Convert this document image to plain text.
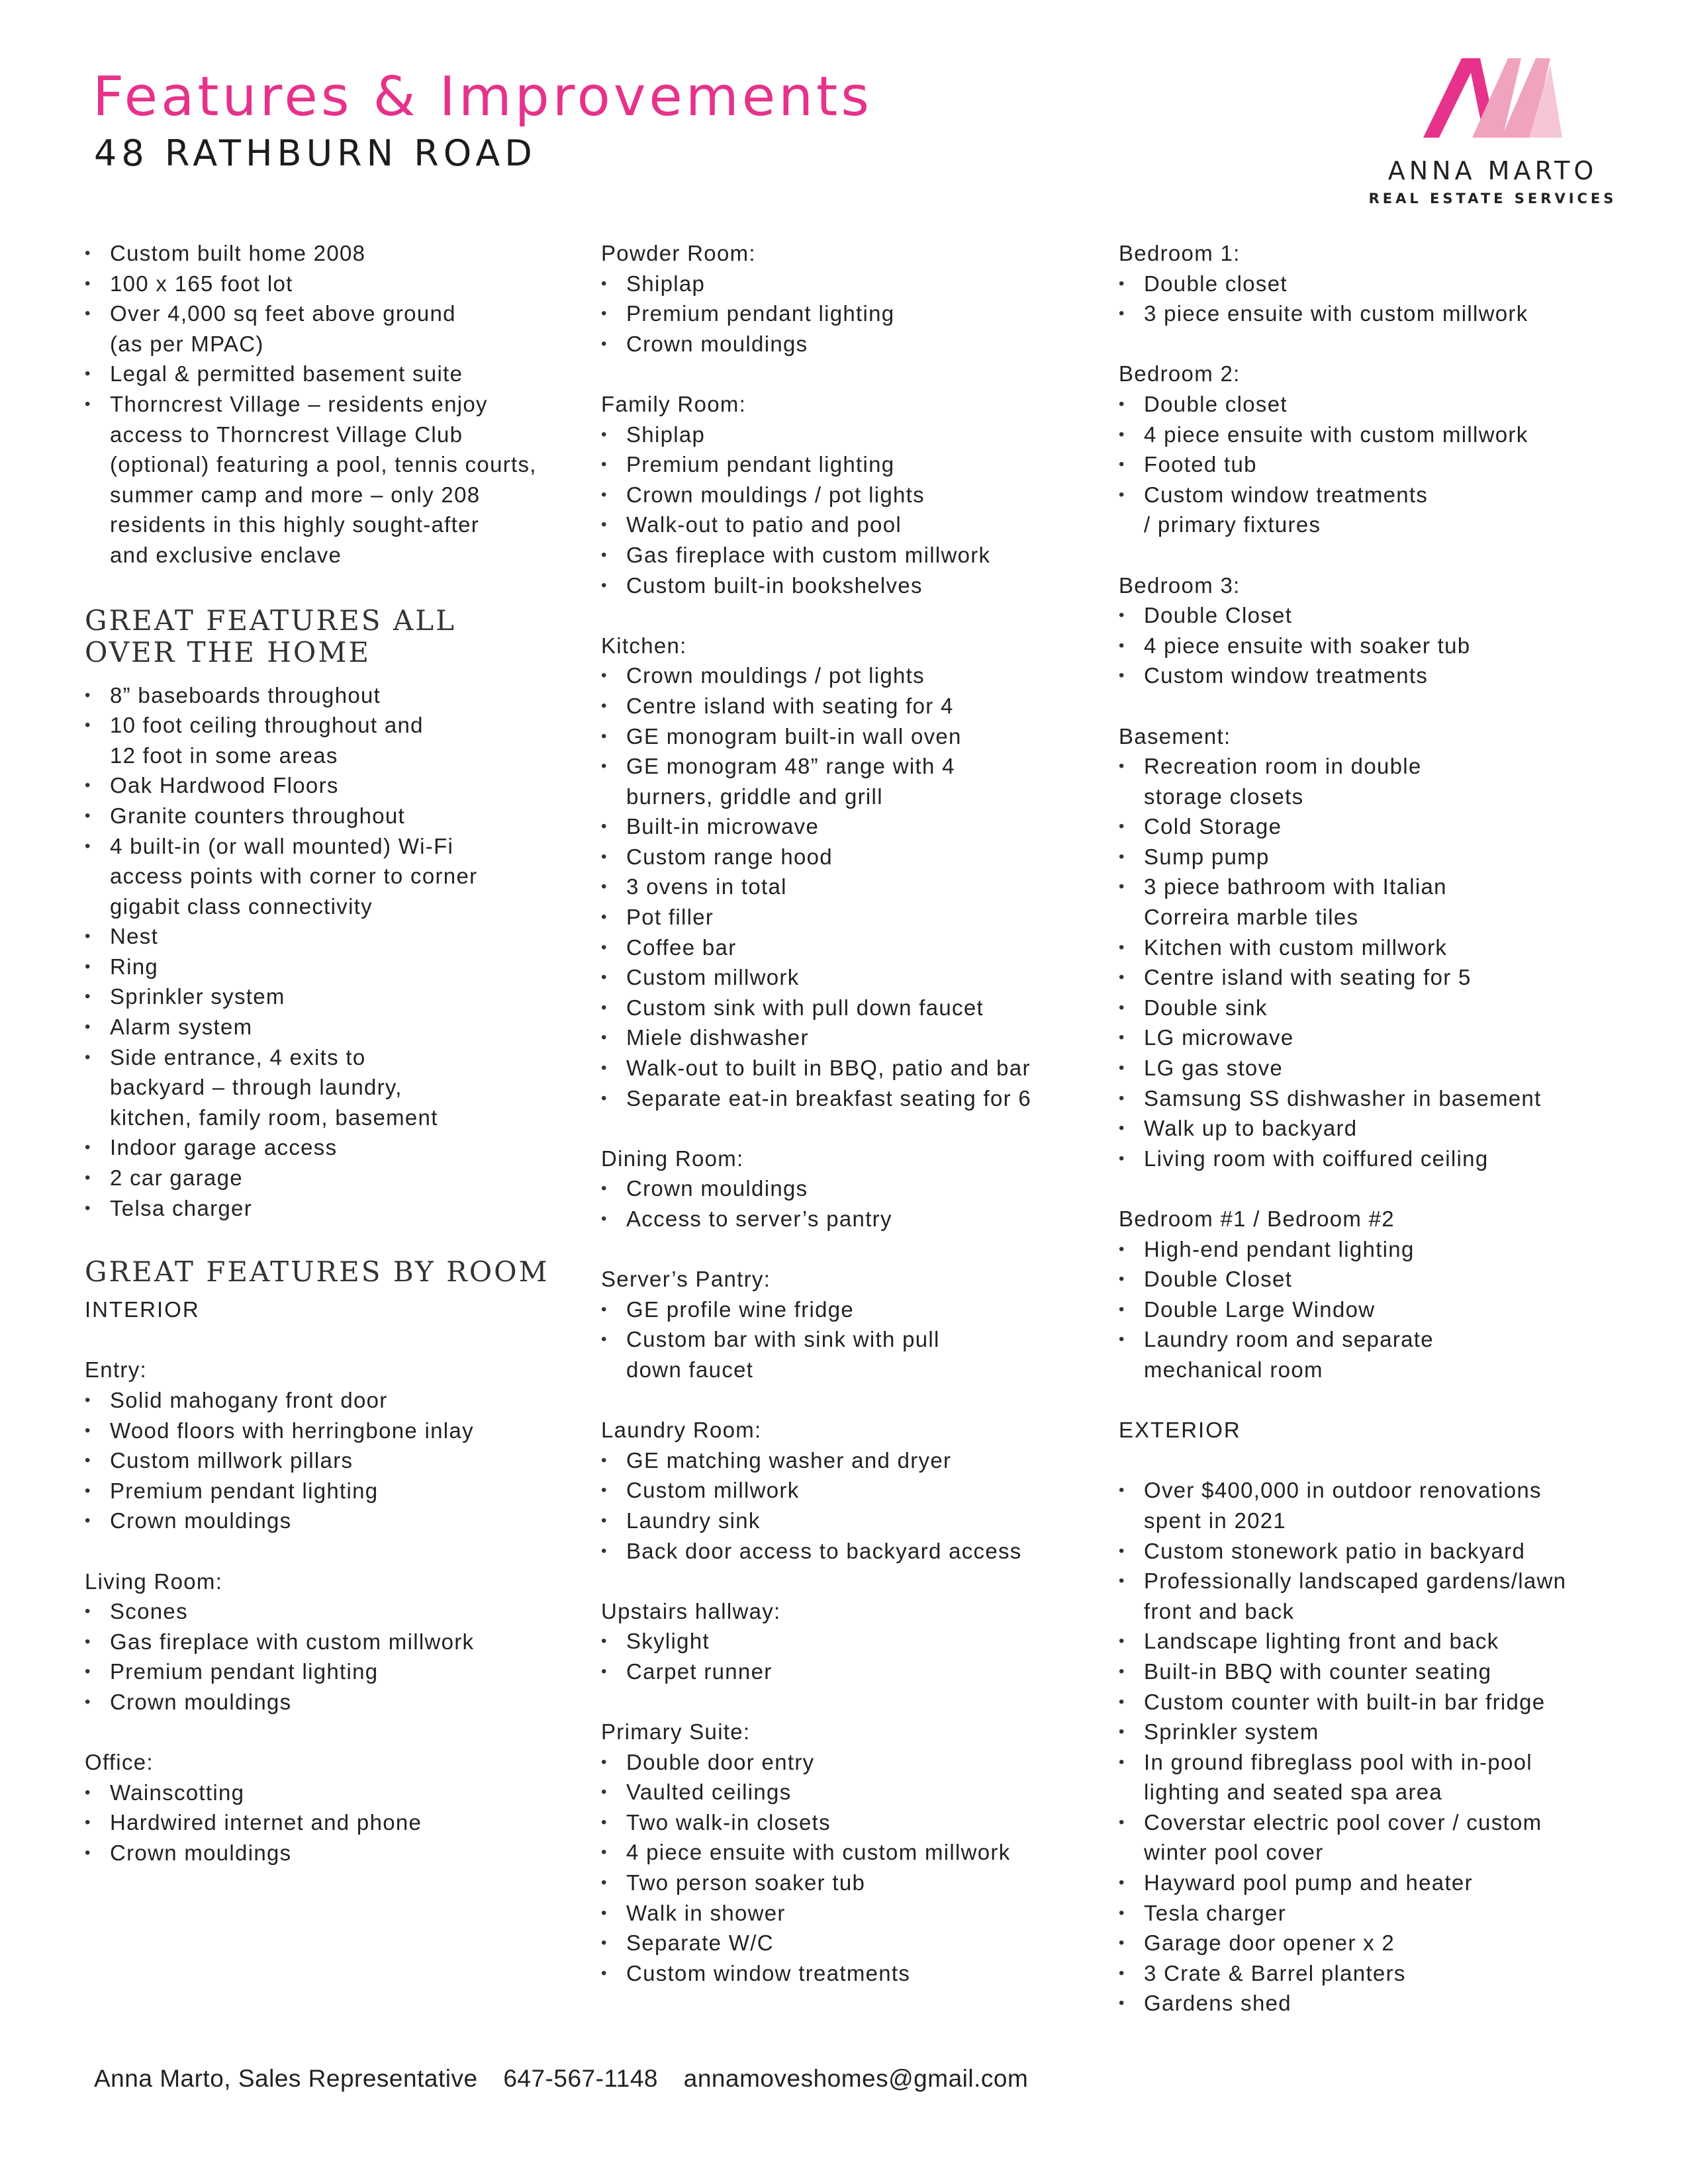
Features & Improvements
48 RATHBURN ROAD	ANNA MARTO
REAL ESTATE SERVICES
• Custom built home 2008
• 100 x 165 foot lot
• Over 4,000 sq feet above ground
(as per MPAC)
• Legal & permitted basement suite
• Thorncrest Village – residents enjoy
access to Thorncrest Village Club
(optional) featuring a pool, tennis courts,
summer camp and more – only 208
residents in this highly sought-after
and exclusive enclave
GREAT FEATURES ALL
OVER THE HOME
• 8” baseboards throughout
• 10 foot ceiling throughout and
12 foot in some areas
• Oak Hardwood Floors
• Granite counters throughout
• 4 built-in (or wall mounted) Wi-Fi
access points with corner to corner
gigabit class connectivity
• Nest
• Ring
• Sprinkler system
• Alarm system
• Side entrance, 4 exits to
backyard – through laundry,
kitchen, family room, basement
• Indoor garage access
• 2 car garage
• Telsa charger
GREAT FEATURES BY ROOM
INTERIOR
Entry:
• Solid mahogany front door
• Wood floors with herringbone inlay
• Custom millwork pillars
• Premium pendant lighting
• Crown mouldings
Living Room:
• Scones
• Gas fireplace with custom millwork
• Premium pendant lighting
• Crown mouldings
Office:
• Wainscotting
• Hardwired internet and phone
• Crown mouldings
Powder Room:
• Shiplap
• Premium pendant lighting
• Crown mouldings
Family Room:
• Shiplap
• Premium pendant lighting
• Crown mouldings / pot lights
• Walk-out to patio and pool
• Gas fireplace with custom millwork
• Custom built-in bookshelves
Kitchen:
• Crown mouldings / pot lights
• Centre island with seating for 4
• GE monogram built-in wall oven
• GE monogram 48” range with 4
burners, griddle and grill
• Built-in microwave
• Custom range hood
• 3 ovens in total
• Pot filler
• Coffee bar
• Custom millwork
• Custom sink with pull down faucet
• Miele dishwasher
• Walk-out to built in BBQ, patio and bar
• Separate eat-in breakfast seating for 6
Dining Room:
• Crown mouldings
• Access to server’s pantry
Server’s Pantry:
• GE profile wine fridge
• Custom bar with sink with pull
down faucet
Laundry Room:
• GE matching washer and dryer
• Custom millwork
• Laundry sink
• Back door access to backyard access
Upstairs hallway:
• Skylight
• Carpet runner
Primary Suite:
• Double door entry
• Vaulted ceilings
• Two walk-in closets
• 4 piece ensuite with custom millwork
• Two person soaker tub
• Walk in shower
• Separate W/C
• Custom window treatments
Bedroom 1:
• Double closet
• 3 piece ensuite with custom millwork
Bedroom 2:
• Double closet
• 4 piece ensuite with custom millwork
• Footed tub
• Custom window treatments
/ primary fixtures
Bedroom 3:
• Double Closet
• 4 piece ensuite with soaker tub
• Custom window treatments
Basement:
• Recreation room in double
storage closets
• Cold Storage
• Sump pump
• 3 piece bathroom with Italian
Correira marble tiles
• Kitchen with custom millwork
• Centre island with seating for 5
• Double sink
• LG microwave
• LG gas stove
• Samsung SS dishwasher in basement
• Walk up to backyard
• Living room with coiffured ceiling
Bedroom #1 / Bedroom #2
• High-end pendant lighting
• Double Closet
• Double Large Window
• Laundry room and separate
mechanical room
EXTERIOR
• Over $400,000 in outdoor renovations
spent in 2021
• Custom stonework patio in backyard
• Professionally landscaped gardens/lawn
front and back
• Landscape lighting front and back
• Built-in BBQ with counter seating
• Custom counter with built-in bar fridge
• Sprinkler system
• In ground fibreglass pool with in-pool
lighting and seated spa area
• Coverstar electric pool cover / custom
winter pool cover
• Hayward pool pump and heater
• Tesla charger
• Garage door opener x 2
• 3 Crate & Barrel planters
• Gardens shed
Anna Marto, Sales Representative 647-567-1148 annamoveshomes@gmail.com
